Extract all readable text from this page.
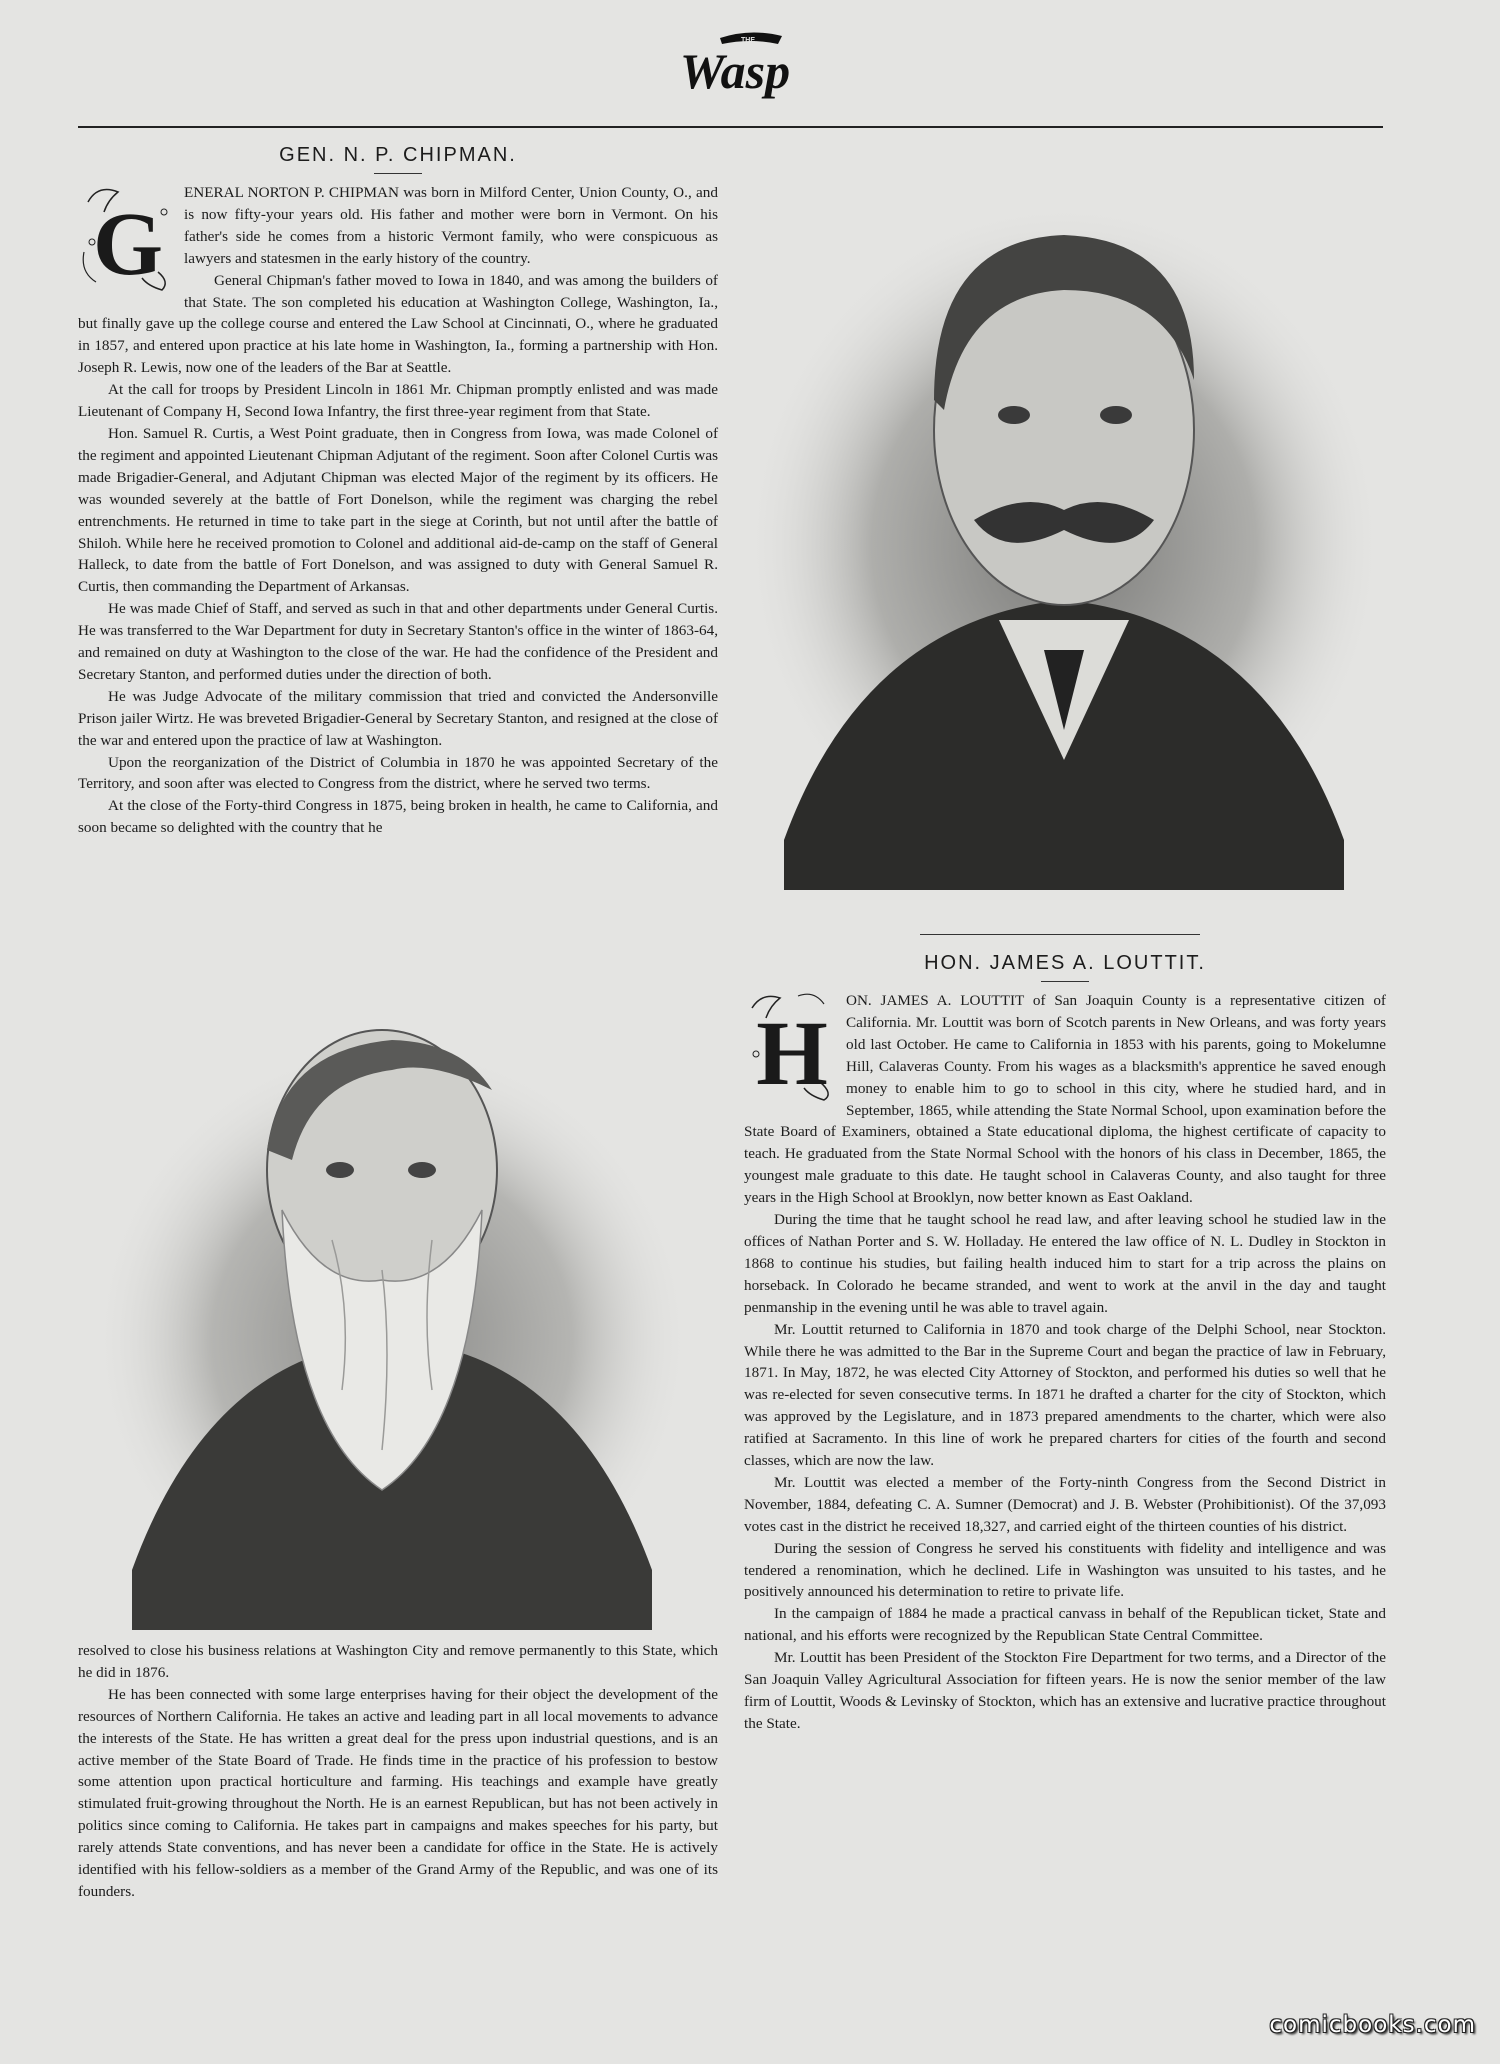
THE
Wasp
GEN. N. P. CHIPMAN.
G

ENERAL NORTON P. CHIPMAN was born in Milford Center, Union County, O., and is now fifty-your years old. His father and mother were born in Vermont. On his father's side he comes from a historic Vermont family, who were conspicuous as lawyers and statesmen in the early history of the country.

General Chipman's father moved to Iowa in 1840, and was among the builders of that State. The son completed his education at Washington College, Washington, Ia., but finally gave up the college course and entered the Law School at Cincinnati, O., where he graduated in 1857, and entered upon practice at his late home in Washington, Ia., forming a partnership with Hon. Joseph R. Lewis, now one of the leaders of the Bar at Seattle.

At the call for troops by President Lincoln in 1861 Mr. Chipman promptly enlisted and was made Lieutenant of Company H, Second Iowa Infantry, the first three-year regiment from that State.

Hon. Samuel R. Curtis, a West Point graduate, then in Congress from Iowa, was made Colonel of the regiment and appointed Lieutenant Chipman Adjutant of the regiment. Soon after Colonel Curtis was made Brigadier-General, and Adjutant Chipman was elected Major of the regiment by its officers. He was wounded severely at the battle of Fort Donelson, while the regiment was charging the rebel entrenchments. He returned in time to take part in the siege at Corinth, but not until after the battle of Shiloh. While here he received promotion to Colonel and additional aid-de-camp on the staff of General Halleck, to date from the battle of Fort Donelson, and was assigned to duty with General Samuel R. Curtis, then commanding the Department of Arkansas.

He was made Chief of Staff, and served as such in that and other departments under General Curtis. He was transferred to the War Department for duty in Secretary Stanton's office in the winter of 1863-64, and remained on duty at Washington to the close of the war. He had the confidence of the President and Secretary Stanton, and performed duties under the direction of both.

He was Judge Advocate of the military commission that tried and convicted the Andersonville Prison jailer Wirtz. He was breveted Brigadier-General by Secretary Stanton, and resigned at the close of the war and entered upon the practice of law at Washington.

Upon the reorganization of the District of Columbia in 1870 he was appointed Secretary of the Territory, and soon after was elected to Congress from the district, where he served two terms.

At the close of the Forty-third Congress in 1875, being broken in health, he came to California, and soon became so delighted with the country that he

resolved to close his business relations at Washington City and remove permanently to this State, which he did in 1876.

He has been connected with some large enterprises having for their object the development of the resources of Northern California. He takes an active and leading part in all local movements to advance the interests of the State. He has written a great deal for the press upon industrial questions, and is an active member of the State Board of Trade. He finds time in the practice of his profession to bestow some attention upon practical horticulture and farming. His teachings and example have greatly stimulated fruit-growing throughout the North. He is an earnest Republican, but has not been actively in politics since coming to California. He takes part in campaigns and makes speeches for his party, but rarely attends State conventions, and has never been a candidate for office in the State. He is actively identified with his fellow-soldiers as a member of the Grand Army of the Republic, and was one of its founders.

HON. JAMES A. LOUTTIT.
H

ON. JAMES A. LOUTTIT of San Joaquin County is a representative citizen of California. Mr. Louttit was born of Scotch parents in New Orleans, and was forty years old last October. He came to California in 1853 with his parents, going to Mokelumne Hill, Calaveras County. From his wages as a blacksmith's apprentice he saved enough money to enable him to go to school in this city, where he studied hard, and in September, 1865, while attending the State Normal School, upon examination before the State Board of Examiners, obtained a State educational diploma, the highest certificate of capacity to teach. He graduated from the State Normal School with the honors of his class in December, 1865, the youngest male graduate to this date. He taught school in Calaveras County, and also taught for three years in the High School at Brooklyn, now better known as East Oakland.

During the time that he taught school he read law, and after leaving school he studied law in the offices of Nathan Porter and S. W. Holladay. He entered the law office of N. L. Dudley in Stockton in 1868 to continue his studies, but failing health induced him to start for a trip across the plains on horseback. In Colorado he became stranded, and went to work at the anvil in the day and taught penmanship in the evening until he was able to travel again.

Mr. Louttit returned to California in 1870 and took charge of the Delphi School, near Stockton. While there he was admitted to the Bar in the Supreme Court and began the practice of law in February, 1871. In May, 1872, he was elected City Attorney of Stockton, and performed his duties so well that he was re-elected for seven consecutive terms. In 1871 he drafted a charter for the city of Stockton, which was approved by the Legislature, and in 1873 prepared amendments to the charter, which were also ratified at Sacramento. In this line of work he prepared charters for cities of the fourth and second classes, which are now the law.

Mr. Louttit was elected a member of the Forty-ninth Congress from the Second District in November, 1884, defeating C. A. Sumner (Democrat) and J. B. Webster (Prohibitionist). Of the 37,093 votes cast in the district he received 18,327, and carried eight of the thirteen counties of his district.

During the session of Congress he served his constituents with fidelity and intelligence and was tendered a renomination, which he declined. Life in Washington was unsuited to his tastes, and he positively announced his determination to retire to private life.

In the campaign of 1884 he made a practical canvass in behalf of the Republican ticket, State and national, and his efforts were recognized by the Republican State Central Committee.

Mr. Louttit has been President of the Stockton Fire Department for two terms, and a Director of the San Joaquin Valley Agricultural Association for fifteen years. He is now the senior member of the law firm of Louttit, Woods & Levinsky of Stockton, which has an extensive and lucrative practice throughout the State.

comicbooks.com
